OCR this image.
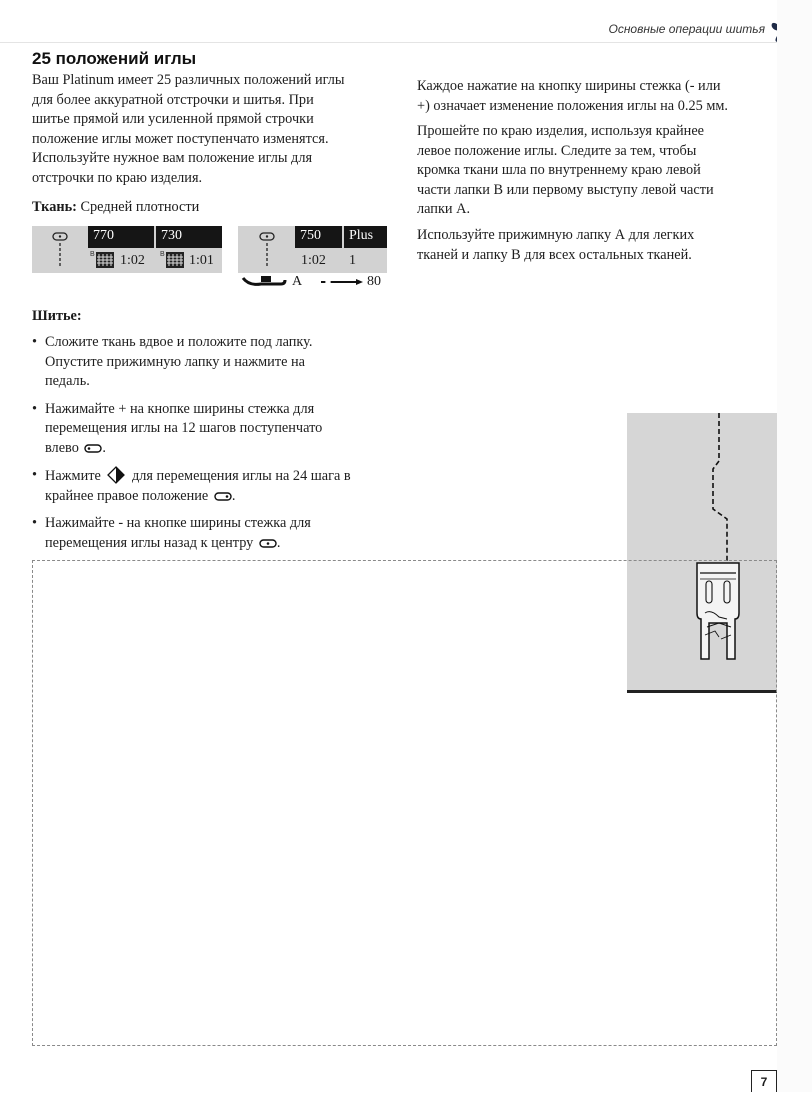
Основные операции шитья
25 положений иглы

Ваш Platinum имеет 25 различных положений иглы

для более аккуратной отстрочки и шитья. При

шитье прямой или усиленной прямой строчки

положение иглы может поступенчато изменятся.

Используйте нужное вам положение иглы для

отстрочки по краю изделия.

Ткань: Средней плотности
770	730
B 1:02	B 1:01
750	Plus
1:02	1
A	80

Каждое нажатие на кнопку ширины стежка (- или

+) означает изменение положения иглы на 0.25 мм.

Прошейте по краю изделия, используя крайнее

левое положение иглы. Следите за тем, чтобы

кромка ткани шла по внутреннему краю левой

части лапки B или первому выступу левой части

лапки А.

Используйте прижимную лапку А для легких

тканей и лапку B для всех остальных тканей.

Шитье:

• Сложите ткань вдвое и положите под лапку.
Опустите прижимную лапку и нажмите на
педаль.
• Нажимайте + на кнопке ширины стежка для
перемещения иглы на 12 шагов поступенчато
влево .
• Нажмите для перемещения иглы на 24 шага в
крайнее правое положение .
• Нажимайте - на кнопке ширины стежка для
перемещения иглы назад к центру .
7
